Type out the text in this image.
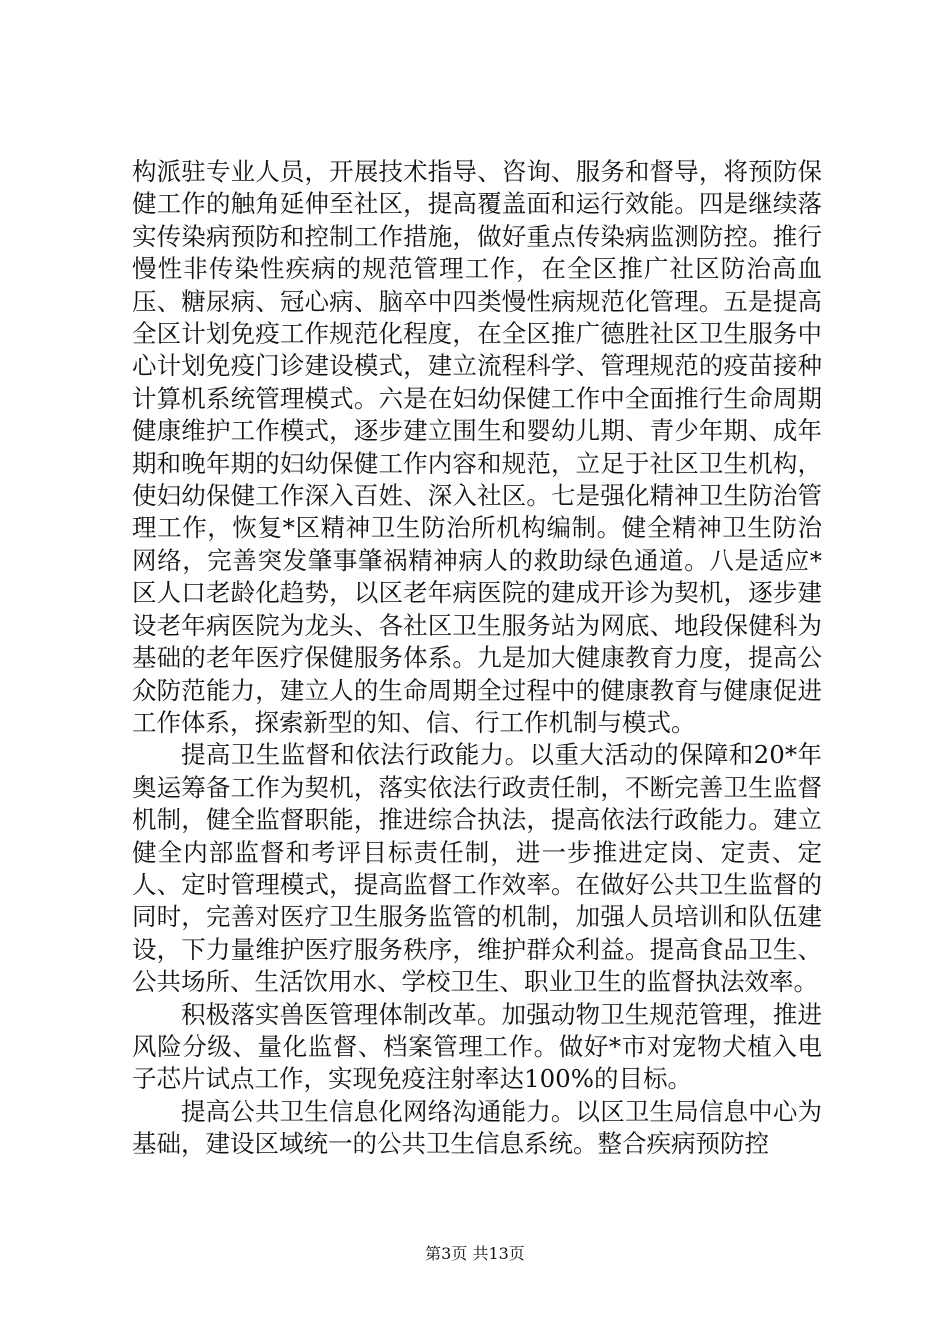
构派驻专业人员，开展技术指导、咨询、服务和督导，将预防保健工作的触角延伸至社区，提高覆盖面和运行效能。四是继续落实传染病预防和控制工作措施，做好重点传染病监测防控。推行慢性非传染性疾病的规范管理工作，在全区推广社区防治高血压、糖尿病、冠心病、脑卒中四类慢性病规范化管理。五是提高全区计划免疫工作规范化程度，在全区推广德胜社区卫生服务中心计划免疫门诊建设模式，建立流程科学、管理规范的疫苗接种计算机系统管理模式。六是在妇幼保健工作中全面推行生命周期健康维护工作模式，逐步建立围生和婴幼儿期、青少年期、成年期和晚年期的妇幼保健工作内容和规范，立足于社区卫生机构，使妇幼保健工作深入百姓、深入社区。七是强化精神卫生防治管理工作，恢复*区精神卫生防治所机构编制。健全精神卫生防治网络，完善突发肇事肇祸精神病人的救助绿色通道。八是适应*区人口老龄化趋势，以区老年病医院的建成开诊为契机，逐步建设老年病医院为龙头、各社区卫生服务站为网底、地段保健科为基础的老年医疗保健服务体系。九是加大健康教育力度，提高公众防范能力，建立人的生命周期全过程中的健康教育与健康促进工作体系，探索新型的知、信、行工作机制与模式。

提高卫生监督和依法行政能力。以重大活动的保障和20*年奥运筹备工作为契机，落实依法行政责任制，不断完善卫生监督机制，健全监督职能，推进综合执法，提高依法行政能力。建立健全内部监督和考评目标责任制，进一步推进定岗、定责、定人、定时管理模式，提高监督工作效率。在做好公共卫生监督的同时，完善对医疗卫生服务监管的机制，加强人员培训和队伍建设，下力量维护医疗服务秩序，维护群众利益。提高食品卫生、公共场所、生活饮用水、学校卫生、职业卫生的监督执法效率。

积极落实兽医管理体制改革。加强动物卫生规范管理，推进风险分级、量化监督、档案管理工作。做好*市对宠物犬植入电子芯片试点工作，实现免疫注射率达100%的目标。

提高公共卫生信息化网络沟通能力。以区卫生局信息中心为基础，建设区域统一的公共卫生信息系统。整合疾病预防控

第3页 共13页
